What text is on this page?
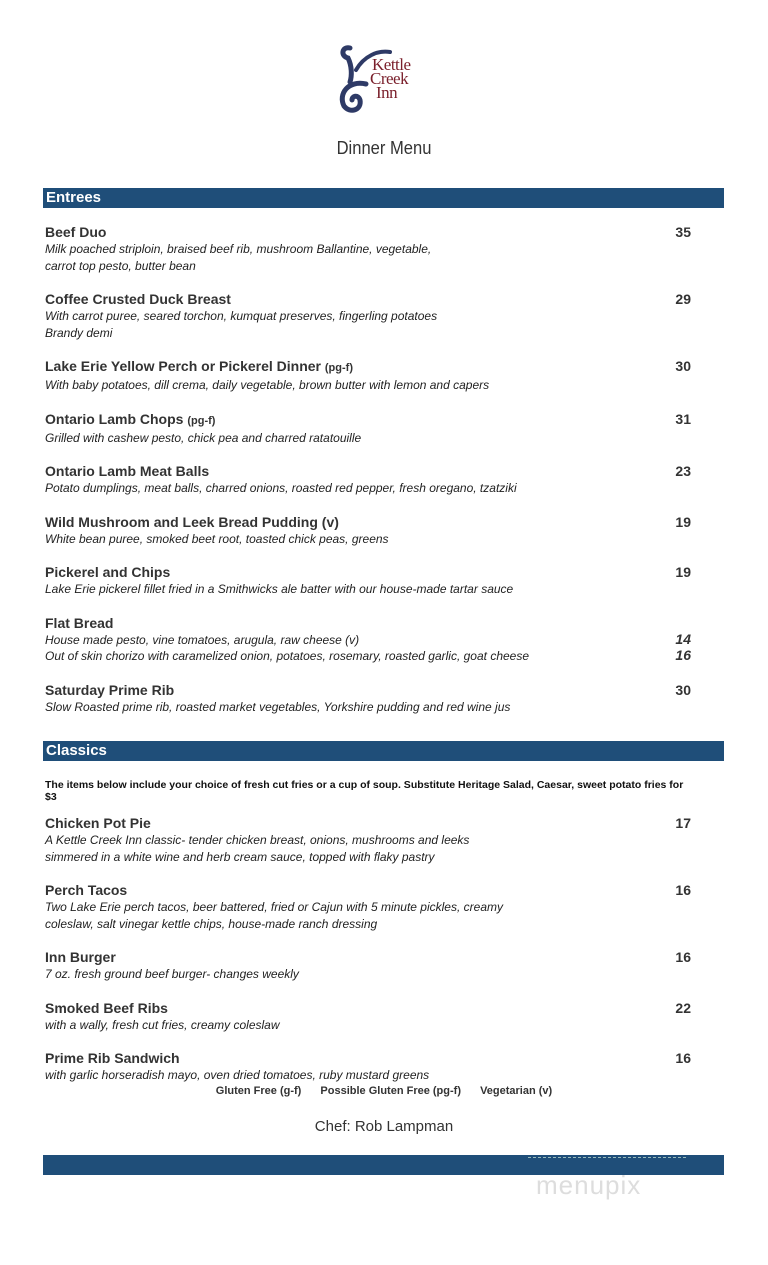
Kettle
Creek
Inn
Dinner Menu
Entrees
Beef Duo	35
Milk poached striploin, braised beef rib, mushroom Ballantine, vegetable,
carrot top pesto, butter bean
Coffee Crusted Duck Breast	29
With carrot puree, seared torchon, kumquat preserves, fingerling potatoes
Brandy demi
Lake Erie Yellow Perch or Pickerel Dinner (pg-f)	30
With baby potatoes, dill crema, daily vegetable, brown butter with lemon and capers
Ontario Lamb Chops (pg-f)	31
Grilled with cashew pesto, chick pea and charred ratatouille
Ontario Lamb Meat Balls	23
Potato dumplings, meat balls, charred onions, roasted red pepper, fresh oregano, tzatziki
Wild Mushroom and Leek Bread Pudding (v)	19
White bean puree, smoked beet root, toasted chick peas, greens
Pickerel and Chips	19
Lake Erie pickerel fillet fried in a Smithwicks ale batter with our house-made tartar sauce
Flat Bread
House made pesto, vine tomatoes, arugula, raw cheese (v)	14
Out of skin chorizo with caramelized onion, potatoes, rosemary, roasted garlic, goat cheese	16
Saturday Prime Rib	30
Slow Roasted prime rib, roasted market vegetables, Yorkshire pudding and red wine jus
Classics
The items below include your choice of fresh cut fries or a cup of soup. Substitute Heritage Salad, Caesar, sweet potato fries for $3
Chicken Pot Pie	17
A Kettle Creek Inn classic- tender chicken breast, onions, mushrooms and leeks
simmered in a white wine and herb cream sauce, topped with flaky pastry
Perch Tacos	16
Two Lake Erie perch tacos, beer battered, fried or Cajun with 5 minute pickles, creamy
coleslaw, salt vinegar kettle chips, house-made ranch dressing
Inn Burger	16
7 oz. fresh ground beef burger- changes weekly
Smoked Beef Ribs	22
with a wally, fresh cut fries, creamy coleslaw
Prime Rib Sandwich	16
with garlic horseradish mayo, oven dried tomatoes, ruby mustard greens
Gluten Free (g-f) Possible Gluten Free (pg-f) Vegetarian (v)
Chef: Rob Lampman
menupix
